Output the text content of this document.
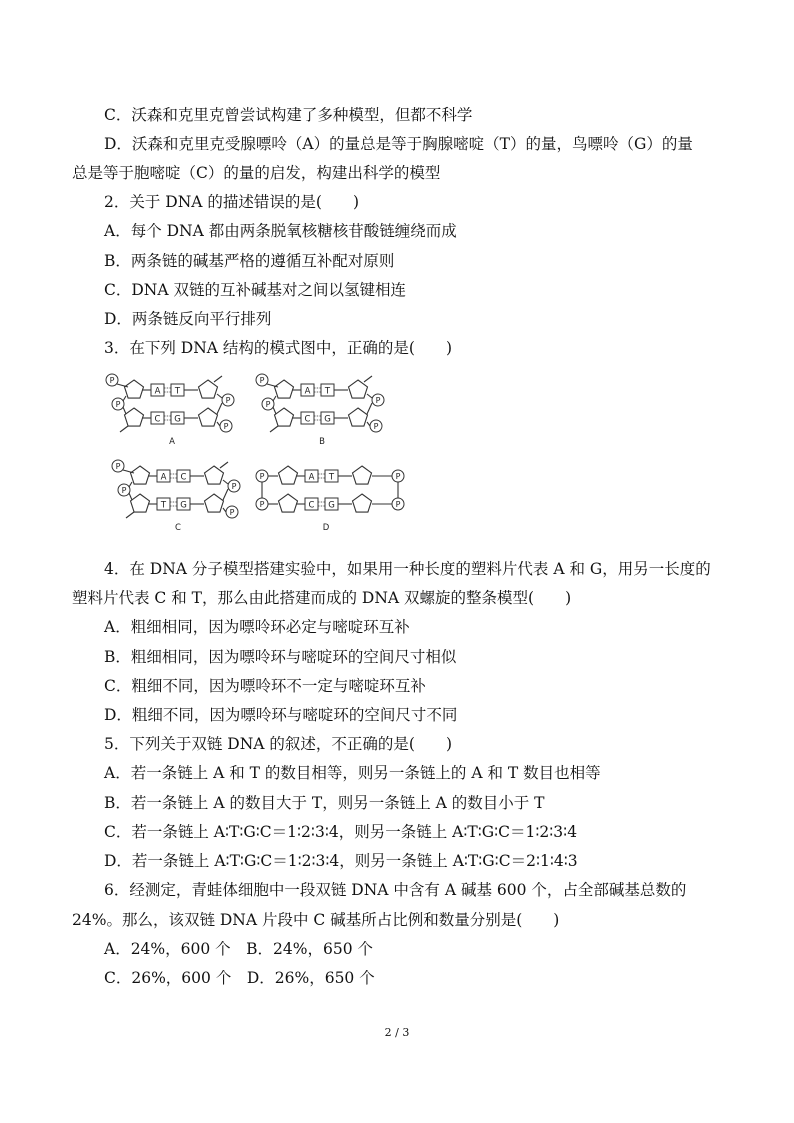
C．沃森和克里克曾尝试构建了多种模型，但都不科学
D．沃森和克里克受腺嘌呤（A）的量总是等于胸腺嘧啶（T）的量，鸟嘌呤（G）的量
总是等于胞嘧啶（C）的量的启发，构建出科学的模型
2．关于 DNA 的描述错误的是(　　)
A．每个 DNA 都由两条脱氧核糖核苷酸链缠绕而成
B．两条链的碱基严格的遵循互补配对原则
C．DNA 双链的互补碱基对之间以氢键相连
D．两条链反向平行排列
3．在下列 DNA 结构的模式图中，正确的是(　　)
A T
C G
P
P	P
P
A
A T
C G
P
P	P
P
B
A C
T G
P
P	P
P
C
A T
C G
P
P
P
P
D
4．在 DNA 分子模型搭建实验中，如果用一种长度的塑料片代表 A 和 G，用另一长度的
塑料片代表 C 和 T，那么由此搭建而成的 DNA 双螺旋的整条模型(　　)
A．粗细相同，因为嘌呤环必定与嘧啶环互补
B．粗细相同，因为嘌呤环与嘧啶环的空间尺寸相似
C．粗细不同，因为嘌呤环不一定与嘧啶环互补
D．粗细不同，因为嘌呤环与嘧啶环的空间尺寸不同
5．下列关于双链 DNA 的叙述，不正确的是(　　)
A．若一条链上 A 和 T 的数目相等，则另一条链上的 A 和 T 数目也相等
B．若一条链上 A 的数目大于 T，则另一条链上 A 的数目小于 T
C．若一条链上 A∶T∶G∶C＝1∶2∶3∶4，则另一条链上 A∶T∶G∶C＝1∶2∶3∶4
D．若一条链上 A∶T∶G∶C＝1∶2∶3∶4，则另一条链上 A∶T∶G∶C＝2∶1∶4∶3
6．经测定，青蛙体细胞中一段双链 DNA 中含有 A 碱基 600 个，占全部碱基总数的
24%。那么，该双链 DNA 片段中 C 碱基所占比例和数量分别是(　　)
A．24%，600 个　B．24%，650 个
C．26%，600 个　D．26%，650 个
2 / 3
